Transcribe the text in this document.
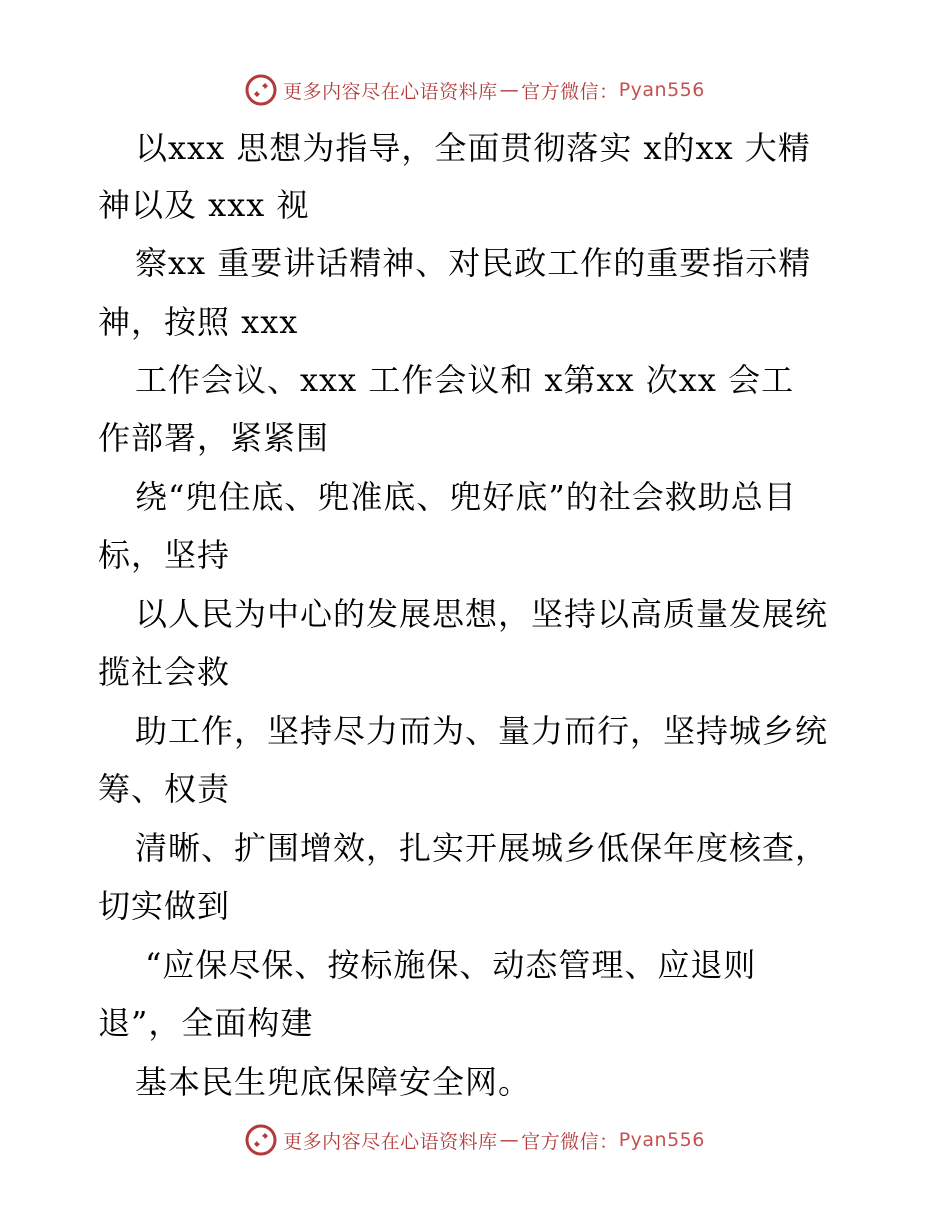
更多内容尽在心语资料库 — 官方微信： Pyan556
以xxx 思想为指导，全面贯彻落实 x的xx 大精
神以及 xxx 视
察xx 重要讲话精神、对民政工作的重要指示精
神，按照 xxx
工作会议、xxx 工作会议和 x第xx 次xx 会工
作部署，紧紧围
绕“兜住底、兜准底、兜好底”的社会救助总目
标，坚持
以人民为中心的发展思想，坚持以高质量发展统
揽社会救
助工作，坚持尽力而为、量力而行，坚持城乡统
筹、权责
清晰、扩围增效，扎实开展城乡低保年度核查，
切实做到
“应保尽保、按标施保、动态管理、应退则
退”，全面构建
基本民生兜底保障安全网。
更多内容尽在心语资料库 — 官方微信： Pyan556
